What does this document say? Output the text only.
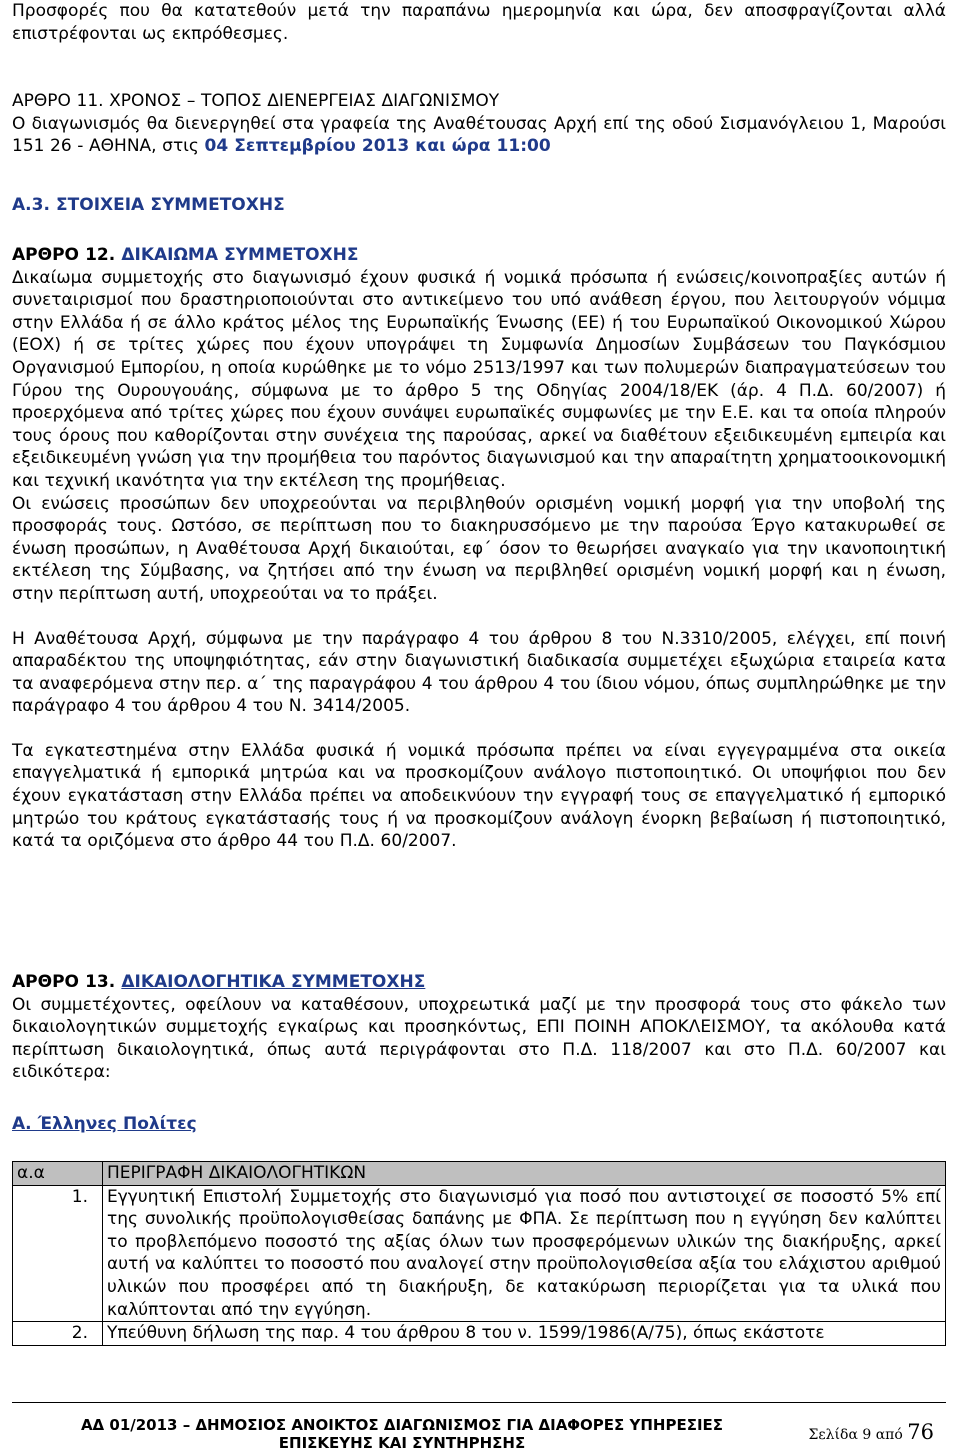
Προσφορές που θα κατατεθούν μετά την παραπάνω ημερομηνία και ώρα, δεν αποσφραγίζονται αλλά επιστρέφονται ως εκπρόθεσμες.

ΑΡΘΡΟ 11. ΧΡΟΝΟΣ – ΤΟΠΟΣ ΔΙΕΝΕΡΓΕΙΑΣ ΔΙΑΓΩΝΙΣΜΟΥ

Ο διαγωνισμός θα διενεργηθεί στα γραφεία της Αναθέτουσας Αρχή επί της οδού Σισμανόγλειου 1, Μαρούσι 151 26 - ΑΘΗΝΑ, στις 04 Σεπτεμβρίου 2013 και ώρα 11:00

Α.3. ΣΤΟΙΧΕΙΑ ΣΥΜΜΕΤΟΧΗΣ

ΑΡΘΡΟ 12. ΔΙΚΑΙΩΜΑ ΣΥΜΜΕΤΟΧΗΣ

Δικαίωμα συμμετοχής στο διαγωνισμό έχουν φυσικά ή νομικά πρόσωπα ή ενώσεις/κοινοπραξίες αυτών ή συνεταιρισμοί που δραστηριοποιούνται στο αντικείμενο του υπό ανάθεση έργου, που λειτουργούν νόμιμα στην Ελλάδα ή σε άλλο κράτος μέλος της Ευρωπαϊκής Ένωσης (ΕΕ) ή του Ευρωπαϊκού Οικονομικού Χώρου (ΕΟΧ) ή σε τρίτες χώρες που έχουν υπογράψει τη Συμφωνία Δημοσίων Συμβάσεων του Παγκόσμιου Οργανισμού Εμπορίου, η οποία κυρώθηκε με το νόμο 2513/1997 και των πολυμερών διαπραγματεύσεων του Γύρου της Ουρουγουάης, σύμφωνα με το άρθρο 5 της Οδηγίας 2004/18/ΕΚ (άρ. 4 Π.Δ. 60/2007) ή προερχόμενα από τρίτες χώρες που έχουν συνάψει ευρωπαϊκές συμφωνίες με την Ε.Ε. και τα οποία πληρούν τους όρους που καθορίζονται στην συνέχεια της παρούσας, αρκεί να διαθέτουν εξειδικευμένη εμπειρία και εξειδικευμένη γνώση για την προμήθεια του παρόντος διαγωνισμού και την απαραίτητη χρηματοοικονομική και τεχνική ικανότητα για την εκτέλεση της προμήθειας.

Οι ενώσεις προσώπων δεν υποχρεούνται να περιβληθούν ορισμένη νομική μορφή για την υποβολή της προσφοράς τους. Ωστόσο, σε περίπτωση που το διακηρυσσόμενο με την παρούσα Έργο κατακυρωθεί σε ένωση προσώπων, η Αναθέτουσα Αρχή δικαιούται, εφ΄ όσον το θεωρήσει αναγκαίο για την ικανοποιητική εκτέλεση της Σύμβασης, να ζητήσει από την ένωση να περιβληθεί ορισμένη νομική μορφή και η ένωση, στην περίπτωση αυτή, υποχρεούται να το πράξει.

Η Αναθέτουσα Αρχή, σύμφωνα με την παράγραφο 4 του άρθρου 8 του Ν.3310/2005, ελέγχει, επί ποινή απαραδέκτου της υποψηφιότητας, εάν στην διαγωνιστική διαδικασία συμμετέχει εξωχώρια εταιρεία κατα τα αναφερόμενα στην περ. α΄ της παραγράφου 4 του άρθρου 4 του ίδιου νόμου, όπως συμπληρώθηκε με την παράγραφο 4 του άρθρου 4 του Ν. 3414/2005.

Τα εγκατεστημένα στην Ελλάδα φυσικά ή νομικά πρόσωπα πρέπει να είναι εγγεγραμμένα στα οικεία επαγγελματικά ή εμπορικά μητρώα και να προσκομίζουν ανάλογο πιστοποιητικό. Οι υποψήφιοι που δεν έχουν εγκατάσταση στην Ελλάδα πρέπει να αποδεικνύουν την εγγραφή τους σε επαγγελματικό ή εμπορικό μητρώο του κράτους εγκατάστασής τους ή να προσκομίζουν ανάλογη ένορκη βεβαίωση ή πιστοποιητικό, κατά τα οριζόμενα στο άρθρο 44 του Π.Δ. 60/2007.

ΑΡΘΡΟ 13. ΔΙΚΑΙΟΛΟΓΗΤΙΚΑ ΣΥΜΜΕΤΟΧΗΣ

Οι συμμετέχοντες, οφείλουν να καταθέσουν, υποχρεωτικά μαζί με την προσφορά τους στο φάκελο των δικαιολογητικών συμμετοχής εγκαίρως και προσηκόντως, ΕΠΙ ΠΟΙΝΗ ΑΠΟΚΛΕΙΣΜΟΥ, τα ακόλουθα κατά περίπτωση δικαιολογητικά, όπως αυτά περιγράφονται στο Π.Δ. 118/2007 και στο Π.Δ. 60/2007 και ειδικότερα:

Α. Έλληνες Πολίτες

α.α	ΠΕΡΙΓΡΑΦΗ ΔΙΚΑΙΟΛΟΓΗΤΙΚΩΝ
1.	Εγγυητική Επιστολή Συμμετοχής στο διαγωνισμό για ποσό που αντιστοιχεί σε ποσοστό 5% επί της συνολικής προϋπολογισθείσας δαπάνης με ΦΠΑ. Σε περίπτωση που η εγγύηση δεν καλύπτει το προβλεπόμενο ποσοστό της αξίας όλων των προσφερόμενων υλικών της διακήρυξης, αρκεί αυτή να καλύπτει το ποσοστό που αναλογεί στην προϋπολογισθείσα αξία του ελάχιστου αριθμού υλικών που προσφέρει από τη διακήρυξη, δε κατακύρωση περιορίζεται για τα υλικά που καλύπτονται από την εγγύηση.
2.	Υπεύθυνη δήλωση της παρ. 4 του άρθρου 8 του ν. 1599/1986(Α/75), όπως εκάστοτε
ΑΔ 01/2013 – ΔΗΜΟΣΙΟΣ ΑΝΟΙΚΤΟΣ ΔΙΑΓΩΝΙΣΜΟΣ ΓΙΑ ΔΙΑΦΟΡΕΣ ΥΠΗΡΕΣΙΕΣ
ΕΠΙΣΚΕΥΗΣ ΚΑΙ ΣΥΝΤΗΡΗΣΗΣ	Σελίδα 9 από 76
